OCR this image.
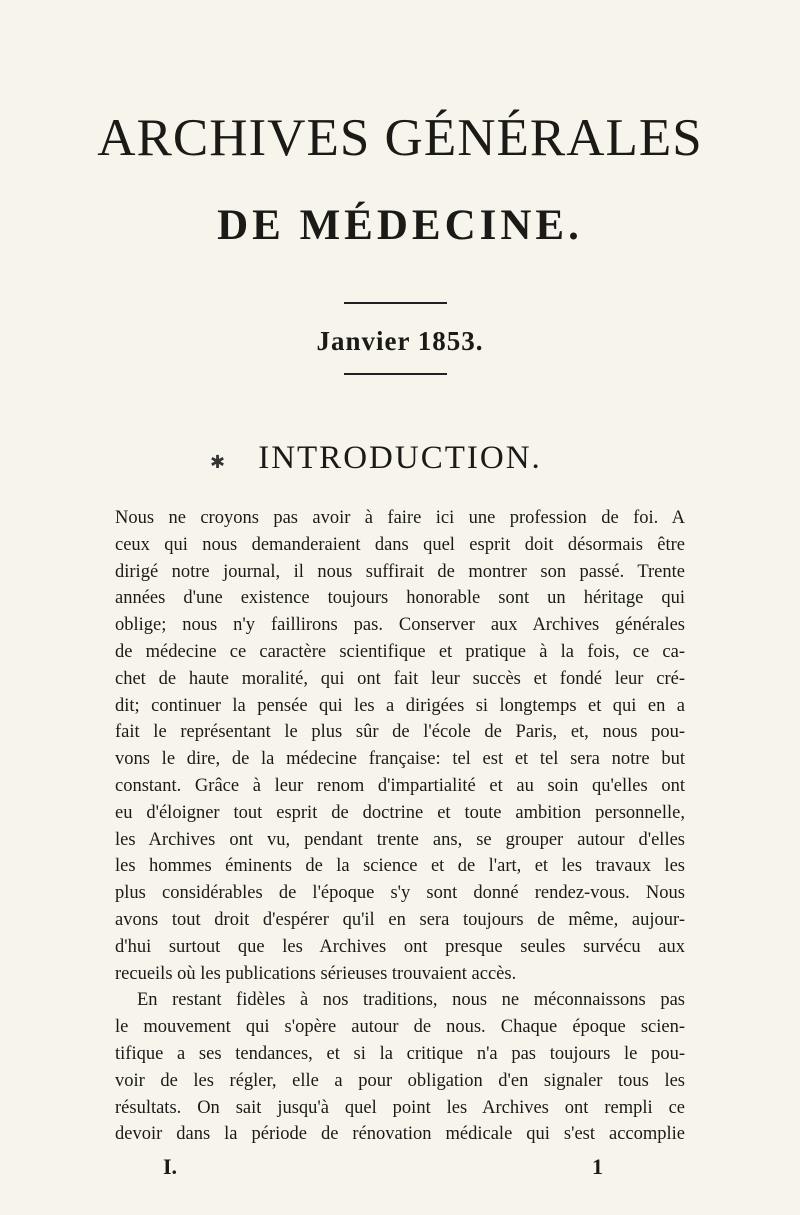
ARCHIVES GÉNÉRALES
DE MÉDECINE.
Janvier 1853.
✱	INTRODUCTION.
Nous ne croyons pas avoir à faire ici une profession de foi. A
ceux qui nous demanderaient dans quel esprit doit désormais être
dirigé notre journal, il nous suffirait de montrer son passé. Trente
années d'une existence toujours honorable sont un héritage qui
oblige; nous n'y faillirons pas. Conserver aux Archives générales
de médecine ce caractère scientifique et pratique à la fois, ce ca-
chet de haute moralité, qui ont fait leur succès et fondé leur cré-
dit; continuer la pensée qui les a dirigées si longtemps et qui en a
fait le représentant le plus sûr de l'école de Paris, et, nous pou-
vons le dire, de la médecine française: tel est et tel sera notre but
constant. Grâce à leur renom d'impartialité et au soin qu'elles ont
eu d'éloigner tout esprit de doctrine et toute ambition personnelle,
les Archives ont vu, pendant trente ans, se grouper autour d'elles
les hommes éminents de la science et de l'art, et les travaux les
plus considérables de l'époque s'y sont donné rendez-vous. Nous
avons tout droit d'espérer qu'il en sera toujours de même, aujour-
d'hui surtout que les Archives ont presque seules survécu aux
recueils où les publications sérieuses trouvaient accès.
En restant fidèles à nos traditions, nous ne méconnaissons pas
le mouvement qui s'opère autour de nous. Chaque époque scien-
tifique a ses tendances, et si la critique n'a pas toujours le pou-
voir de les régler, elle a pour obligation d'en signaler tous les
résultats. On sait jusqu'à quel point les Archives ont rempli ce
devoir dans la période de rénovation médicale qui s'est accomplie
I.	1
